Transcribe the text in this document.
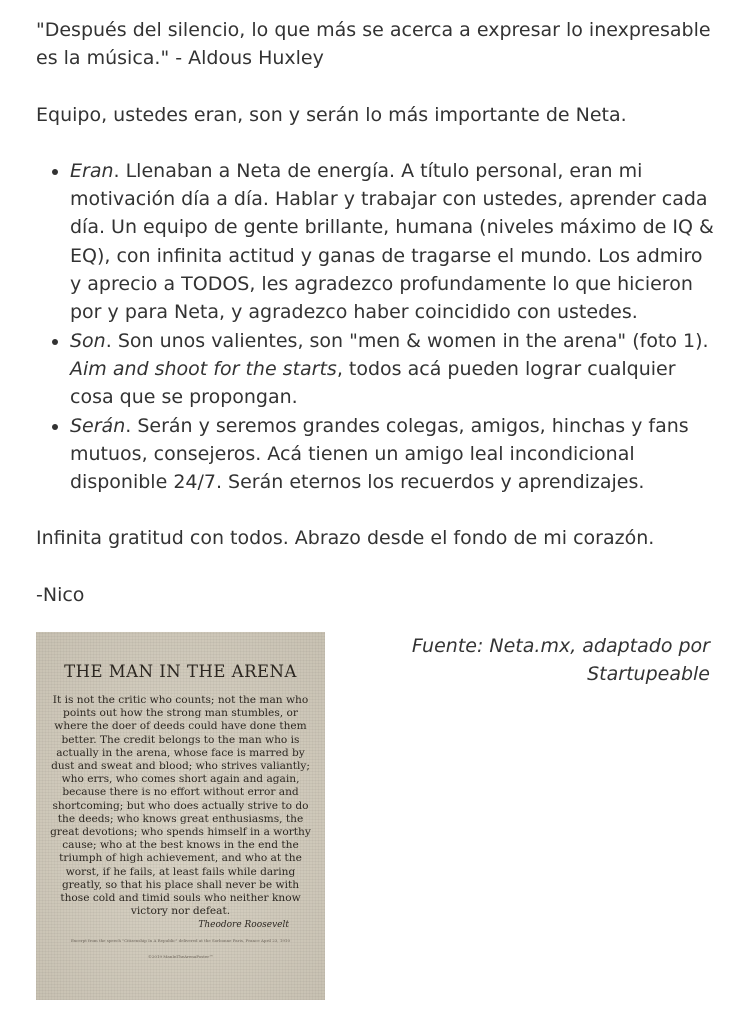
"Después del silencio, lo que más se acerca a expresar lo inexpresable es la música." - Aldous Huxley

Equipo, ustedes eran, son y serán lo más importante de Neta.

Eran. Llenaban a Neta de energía. A título personal, eran mi motivación día a día. Hablar y trabajar con ustedes, aprender cada día. Un equipo de gente brillante, humana (niveles máximo de IQ & EQ), con infinita actitud y ganas de tragarse el mundo. Los admiro y aprecio a TODOS, les agradezco profundamente lo que hicieron por y para Neta, y agradezco haber coincidido con ustedes.
Son. Son unos valientes, son "men & women in the arena" (foto 1). Aim and shoot for the starts, todos acá pueden lograr cualquier cosa que se propongan.
Serán. Serán y seremos grandes colegas, amigos, hinchas y fans mutuos, consejeros. Acá tienen un amigo leal incondicional disponible 24/7. Serán eternos los recuerdos y aprendizajes.

Infinita gratitud con todos. Abrazo desde el fondo de mi corazón.

-Nico

THE MAN IN THE ARENA

It is not the critic who counts; not the man who points out how the strong man stumbles, or where the doer of deeds could have done them better. The credit belongs to the man who is actually in the arena, whose face is marred by dust and sweat and blood; who strives valiantly; who errs, who comes short again and again, because there is no effort without error and shortcoming; but who does actually strive to do the deeds; who knows great enthusiasms, the great devotions; who spends himself in a worthy cause; who at the best knows in the end the triumph of high achievement, and who at the worst, if he fails, at least fails while daring greatly, so that his place shall never be with those cold and timid souls who neither know victory nor defeat.

Theodore Roosevelt
Excerpt from the speech "Citizenship In A Republic" delivered at the Sorbonne Paris, France April 23, 1910
©2019 ManInTheArenaPoster™
Fuente: Neta.mx, adaptado por Startupeable
